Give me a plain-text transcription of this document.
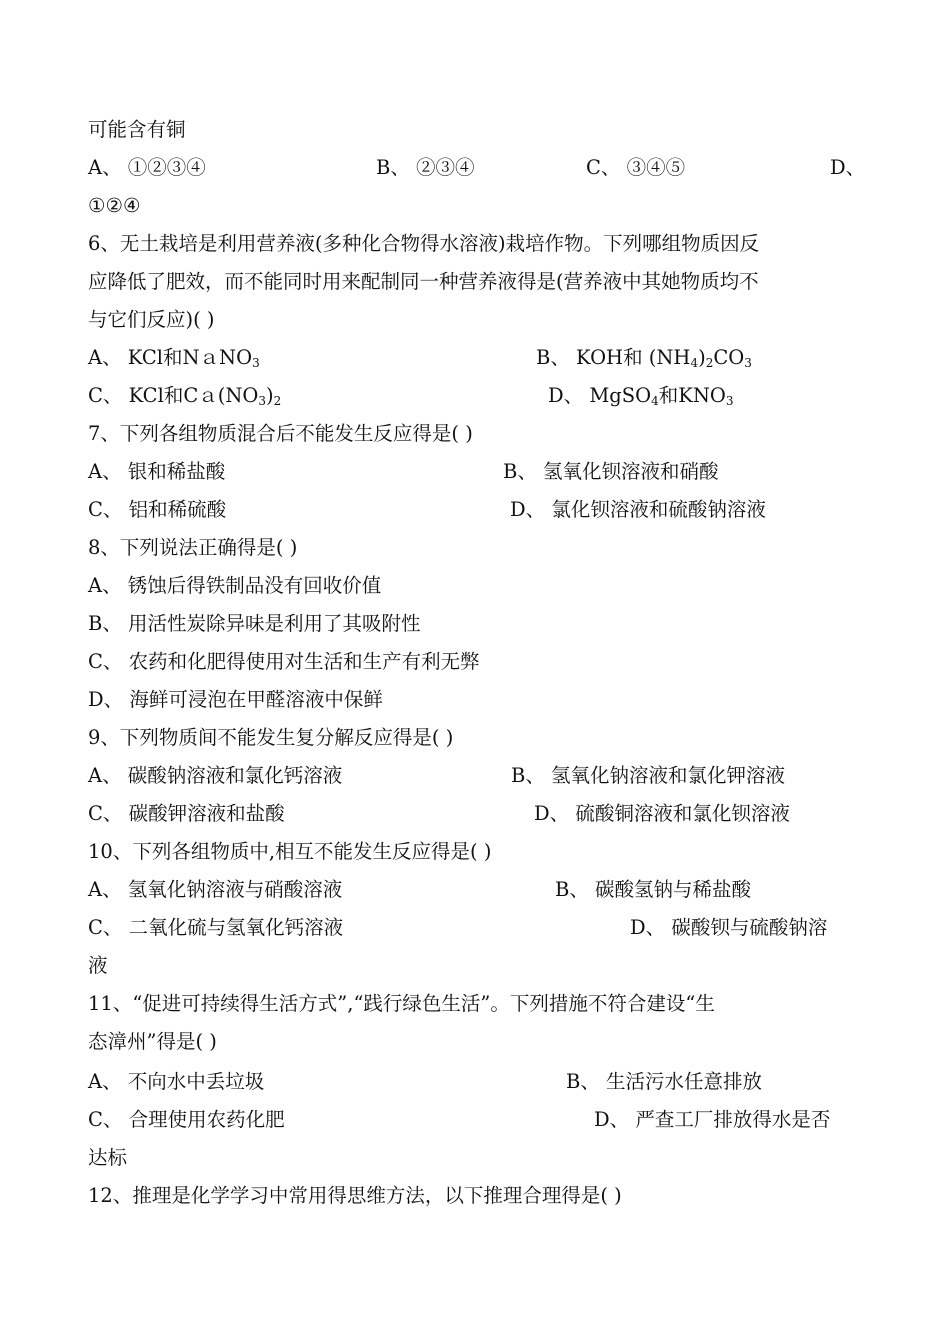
可能含有铜
A、 ①②③④	B、 ②③④	C、 ③④⑤	D、
①②④
6、无土栽培是利用营养液(多种化合物得水溶液)栽培作物。下列哪组物质因反
应降低了肥效，而不能同时用来配制同一种营养液得是(营养液中其她物质均不
与它们反应)( )
A、 KCl和NａNO$_3$	B、 KOH和 $(NH_4)_2CO_3$
C、 KCl和$Ca(NO_3)_2$	D、 MgSO$_4$和$KNO_3$
7、下列各组物质混合后不能发生反应得是( )
A、 银和稀盐酸	B、 氢氧化钡溶液和硝酸
C、 铝和稀硫酸	D、 氯化钡溶液和硫酸钠溶液
8、下列说法正确得是( )
A、 锈蚀后得铁制品没有回收价值
B、 用活性炭除异味是利用了其吸附性
C、 农药和化肥得使用对生活和生产有利无弊
D、 海鲜可浸泡在甲醛溶液中保鲜
9、下列物质间不能发生复分解反应得是( )
A、 碳酸钠溶液和氯化钙溶液	B、 氢氧化钠溶液和氯化钾溶液
C、 碳酸钾溶液和盐酸	D、 硫酸铜溶液和氯化钡溶液
10、下列各组物质中,相互不能发生反应得是( )
A、 氢氧化钠溶液与硝酸溶液	B、 碳酸氢钠与稀盐酸
C、 二氧化硫与氢氧化钙溶液	D、 碳酸钡与硫酸钠溶
液
11、“促进可持续得生活方式”,“践行绿色生活”。下列措施不符合建设“生
态漳州”得是( )
A、 不向水中丢垃圾	B、 生活污水任意排放
C、 合理使用农药化肥	D、 严查工厂排放得水是否
达标
12、推理是化学学习中常用得思维方法，以下推理合理得是( )
